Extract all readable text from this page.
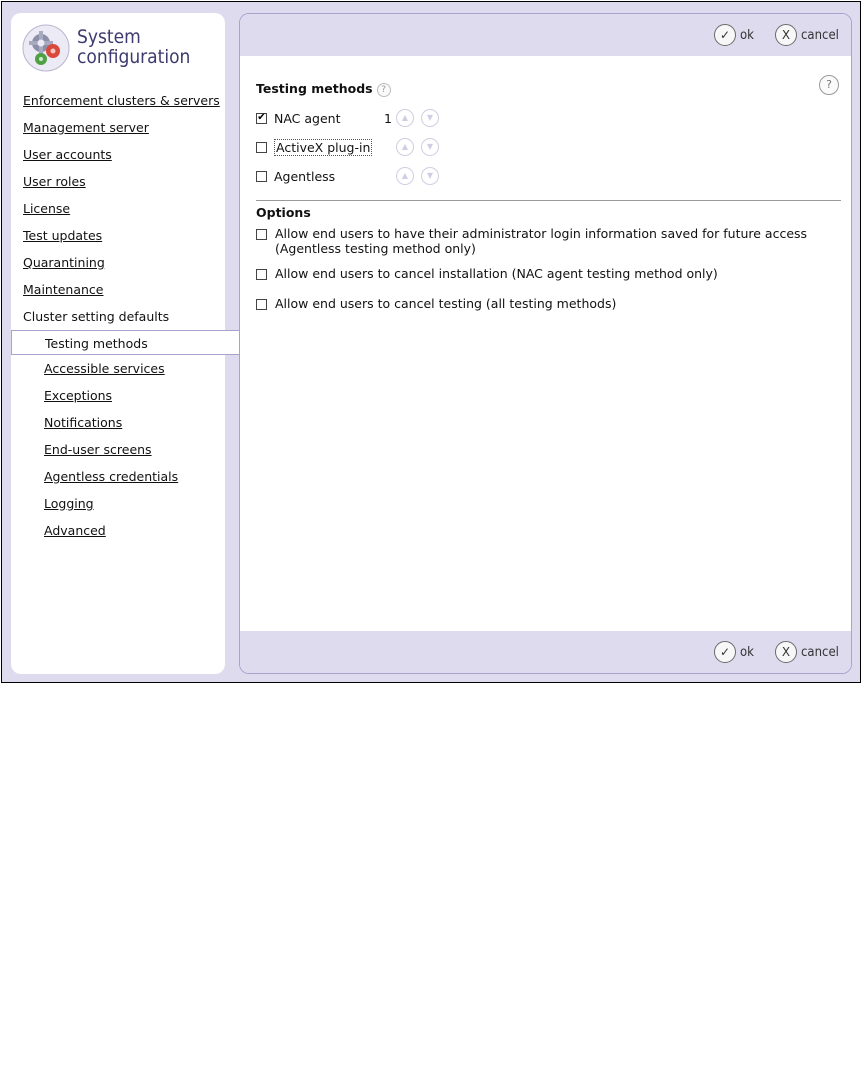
System
configuration
Enforcement clusters & servers
Management server
User accounts
User roles
License
Test updates
Quarantining
Maintenance
Cluster setting defaults
Testing methods
Accessible services
Exceptions
Notifications
End-user screens
Agentless credentials
Logging
Advanced
✓ ok	X cancel
?
Testing methods ?
✔ NAC agent	1	▲	▼
ActiveX plug-in	▲	▼
Agentless	▲	▼
Options
Allow end users to have their administrator login information saved for future access
(Agentless testing method only)
Allow end users to cancel installation (NAC agent testing method only)
Allow end users to cancel testing (all testing methods)
✓ ok	X cancel
